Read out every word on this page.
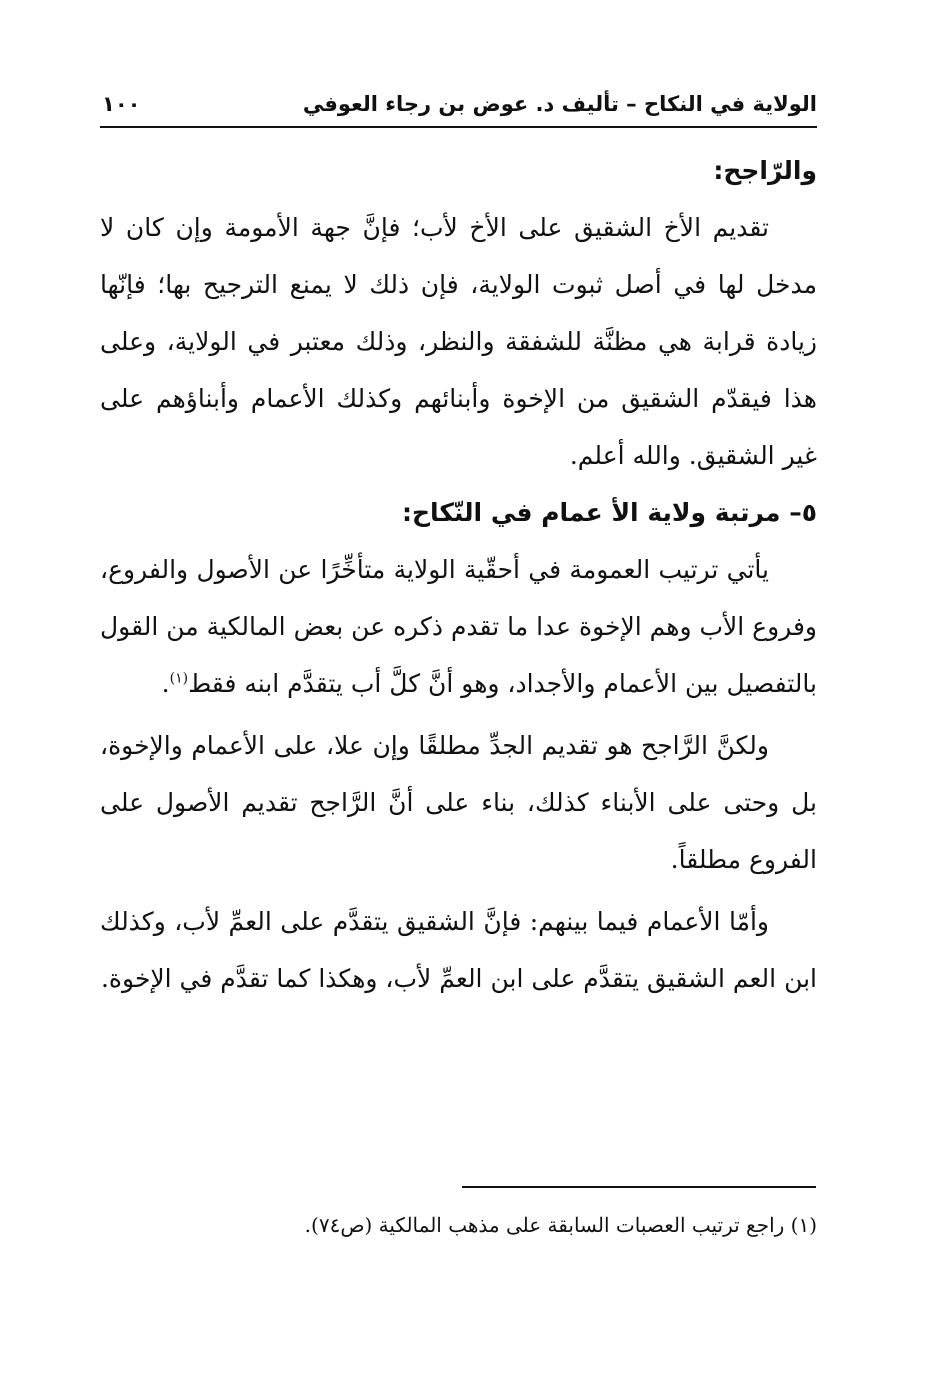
الولاية في النكاح – تأليف د. عوض بن رجاء العوفي
١٠٠

والرّاجح:

تقديم الأخ الشقيق على الأخ لأب؛ فإنَّ جهة الأمومة وإن كان لا مدخل لها في أصل ثبوت الولاية، فإن ذلك لا يمنع الترجيح بها؛ فإنّها زيادة قرابة هي مظنَّة للشفقة والنظر، وذلك معتبر في الولاية، وعلى هذا فيقدّم الشقيق من الإخوة وأبنائهم وكذلك الأعمام وأبناؤهم على غير الشقيق. والله أعلم.

٥– مرتبة ولاية الأ عمام في النّكاح:

يأتي ترتيب العمومة في أحقّية الولاية متأخِّرًا عن الأصول والفروع، وفروع الأب وهم الإخوة عدا ما تقدم ذكره عن بعض المالكية من القول بالتفصيل بين الأعمام والأجداد، وهو أنَّ كلَّ أب يتقدَّم ابنه فقط$^{(١)}$.

ولكنَّ الرَّاجح هو تقديم الجدِّ مطلقًا وإن علا، على الأعمام والإخوة، بل وحتى على الأبناء كذلك، بناء على أنَّ الرَّاجح تقديم الأصول على الفروع مطلقاً.

وأمّا الأعمام فيما بينهم: فإنَّ الشقيق يتقدَّم على العمِّ لأب، وكذلك ابن العم الشقيق يتقدَّم على ابن العمِّ لأب، وهكذا كما تقدَّم في الإخوة.

(١) راجع ترتيب العصبات السابقة على مذهب المالكية (ص٧٤).
